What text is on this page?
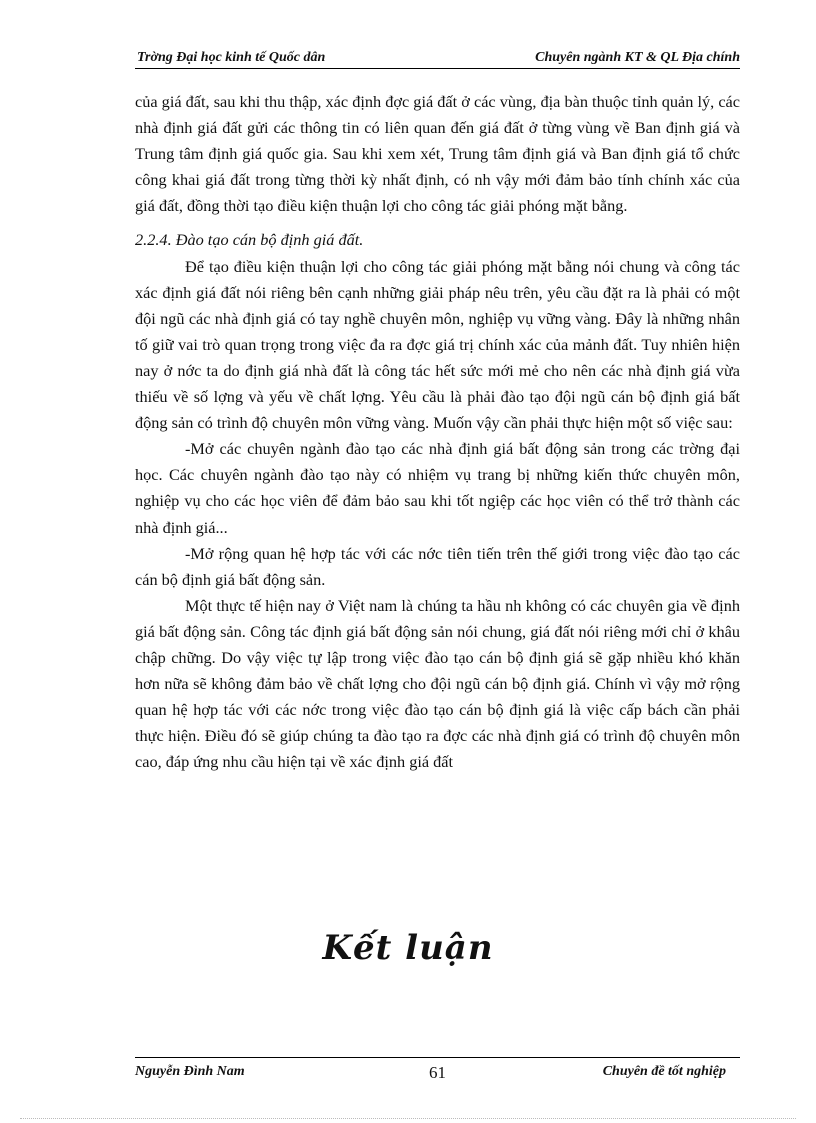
Trờng Đại học kinh tế Quốc dân	Chuyên ngành KT & QL Địa chính

của giá đất, sau khi thu thập, xác định đợc giá đất ở các vùng, địa bàn thuộc tỉnh quản lý, các nhà định giá đất gửi các thông tin có liên quan đến giá đất ở từng vùng về Ban định giá và Trung tâm định giá quốc gia. Sau khi xem xét, Trung tâm định giá và Ban định giá tổ chức công khai giá đất trong từng thời kỳ nhất định, có nh vậy mới đảm bảo tính chính xác của giá đất, đồng thời tạo điều kiện thuận lợi cho công tác giải phóng mặt bằng.

2.2.4. Đào tạo cán bộ định giá đất.

Để tạo điều kiện thuận lợi cho công tác giải phóng mặt bằng nói chung và công tác xác định giá đất nói riêng bên cạnh những giải pháp nêu trên, yêu cầu đặt ra là phải có một đội ngũ các nhà định giá có tay nghề chuyên môn, nghiệp vụ vững vàng. Đây là những nhân tố giữ vai trò quan trọng trong việc đa ra đợc giá trị chính xác của mảnh đất. Tuy nhiên hiện nay ở nớc ta do định giá nhà đất là công tác hết sức mới mẻ cho nên các nhà định giá vừa thiếu về số lợng và yếu về chất lợng. Yêu cầu là phải đào tạo đội ngũ cán bộ định giá bất động sản có trình độ chuyên môn vững vàng. Muốn vậy cần phải thực hiện một số việc sau:

-Mở các chuyên ngành đào tạo các nhà định giá bất động sản trong các trờng đại học. Các chuyên ngành đào tạo này có nhiệm vụ trang bị những kiến thức chuyên môn, nghiệp vụ cho các học viên để đảm bảo sau khi tốt ngiệp các học viên có thể trở thành các nhà định giá...

-Mở rộng quan hệ hợp tác với các nớc tiên tiến trên thế giới trong việc đào tạo các cán bộ định giá bất động sản.

Một thực tế hiện nay ở Việt nam là chúng ta hầu nh không có các chuyên gia về định giá bất động sản. Công tác định giá bất động sản nói chung, giá đất nói riêng mới chỉ ở khâu chập chững. Do vậy việc tự lập trong việc đào tạo cán bộ định giá sẽ gặp nhiều khó khăn hơn nữa sẽ không đảm bảo về chất lợng cho đội ngũ cán bộ định giá. Chính vì vậy mở rộng quan hệ hợp tác với các nớc trong việc đào tạo cán bộ định giá là việc cấp bách cần phải thực hiện. Điều đó sẽ giúp chúng ta đào tạo ra đợc các nhà định giá có trình độ chuyên môn cao, đáp ứng nhu cầu hiện tại về xác định giá đất

Kết luận
Nguyễn Đình Nam	61	Chuyên đề tốt nghiệp
